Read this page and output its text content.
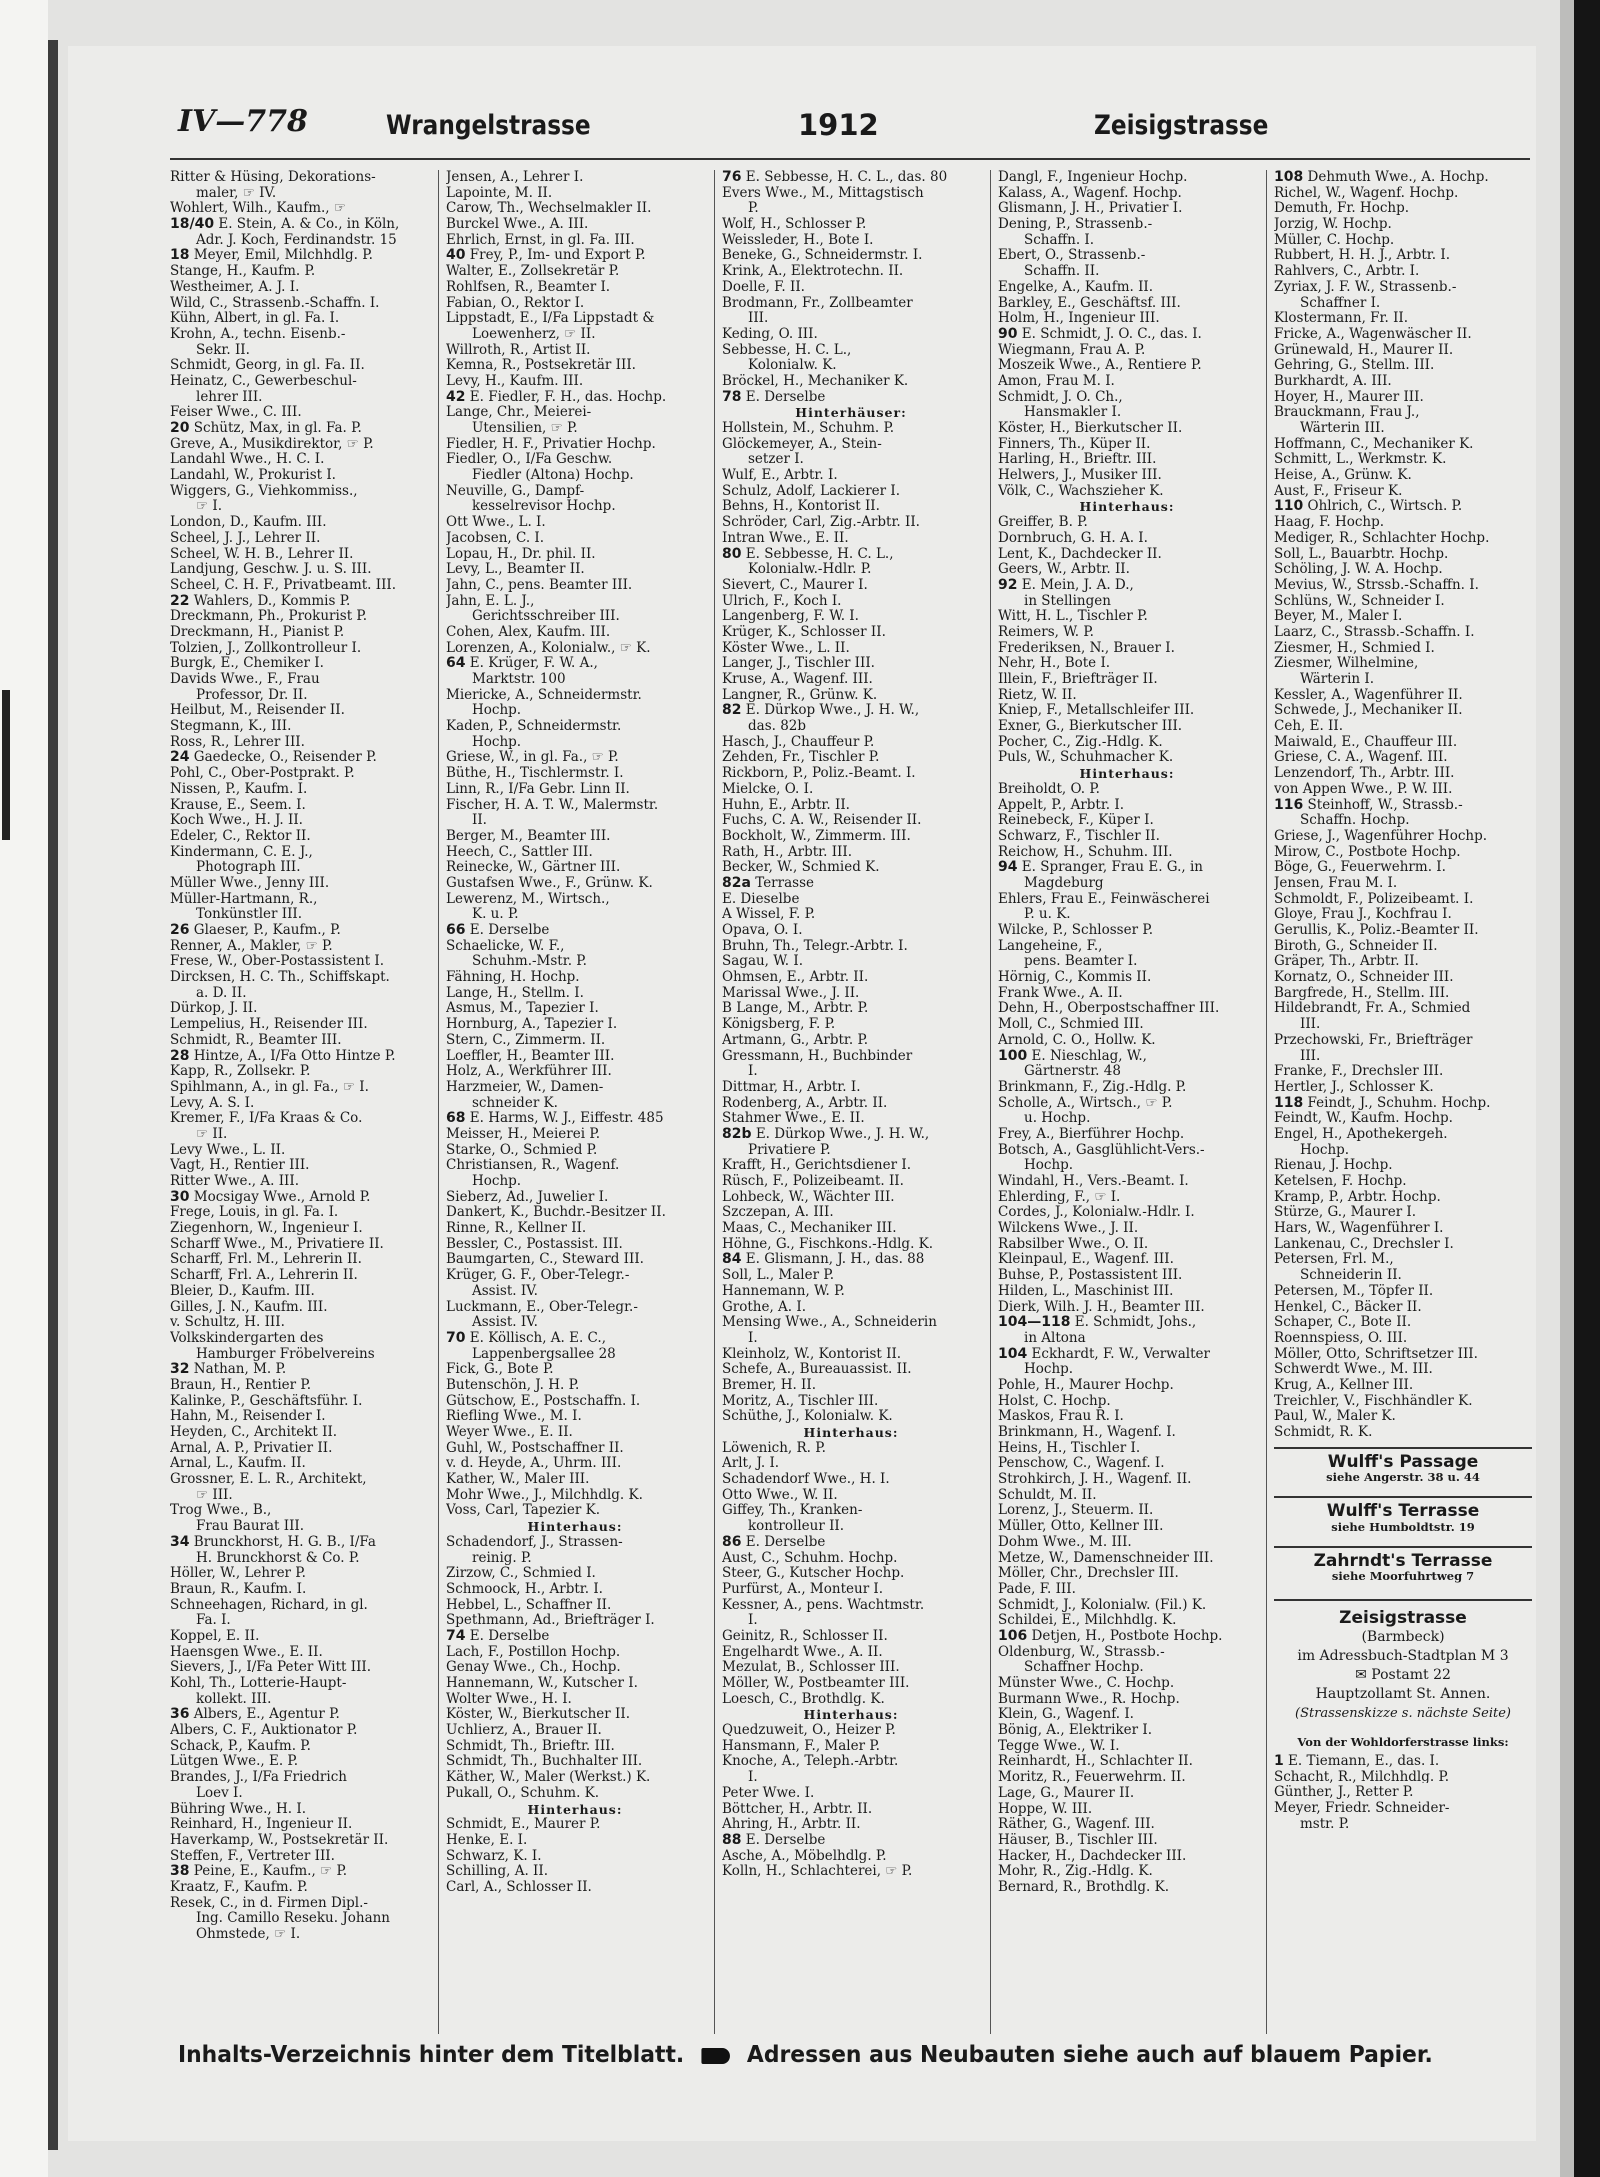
IV—778	Wrangelstrasse	1912	Zeisigstrasse
Ritter & Hüsing, Dekorations-
maler, ☞ IV.
Wohlert, Wilh., Kaufm., ☞
18/40 E. Stein, A. & Co., in Köln,
Adr. J. Koch, Ferdinandstr. 15
18 Meyer, Emil, Milchhdlg. P.
Stange, H., Kaufm. P.
Westheimer, A. J. I.
Wild, C., Strassenb.-Schaffn. I.
Kühn, Albert, in gl. Fa. I.
Krohn, A., techn. Eisenb.-
Sekr. II.
Schmidt, Georg, in gl. Fa. II.
Heinatz, C., Gewerbeschul-
lehrer III.
Feiser Wwe., C. III.
20 Schütz, Max, in gl. Fa. P.
Greve, A., Musikdirektor, ☞ P.
Landahl Wwe., H. C. I.
Landahl, W., Prokurist I.
Wiggers, G., Viehkommiss.,
☞ I.
London, D., Kaufm. III.
Scheel, J. J., Lehrer II.
Scheel, W. H. B., Lehrer II.
Landjung, Geschw. J. u. S. III.
Scheel, C. H. F., Privatbeamt. III.
22 Wahlers, D., Kommis P.
Dreckmann, Ph., Prokurist P.
Dreckmann, H., Pianist P.
Tolzien, J., Zollkontrolleur I.
Burgk, E., Chemiker I.
Davids Wwe., F., Frau
Professor, Dr. II.
Heilbut, M., Reisender II.
Stegmann, K., III.
Ross, R., Lehrer III.
24 Gaedecke, O., Reisender P.
Pohl, C., Ober-Postprakt. P.
Nissen, P., Kaufm. I.
Krause, E., Seem. I.
Koch Wwe., H. J. II.
Edeler, C., Rektor II.
Kindermann, C. E. J.,
Photograph III.
Müller Wwe., Jenny III.
Müller-Hartmann, R.,
Tonkünstler III.
26 Glaeser, P., Kaufm., P.
Renner, A., Makler, ☞ P.
Frese, W., Ober-Postassistent I.
Dircksen, H. C. Th., Schiffskapt.
a. D. II.
Dürkop, J. II.
Lempelius, H., Reisender III.
Schmidt, R., Beamter III.
28 Hintze, A., I/Fa Otto Hintze P.
Kapp, R., Zollsekr. P.
Spihlmann, A., in gl. Fa., ☞ I.
Levy, A. S. I.
Kremer, F., I/Fa Kraas & Co.
☞ II.
Levy Wwe., L. II.
Vagt, H., Rentier III.
Ritter Wwe., A. III.
30 Mocsigay Wwe., Arnold P.
Frege, Louis, in gl. Fa. I.
Ziegenhorn, W., Ingenieur I.
Scharff Wwe., M., Privatiere II.
Scharff, Frl. M., Lehrerin II.
Scharff, Frl. A., Lehrerin II.
Bleier, D., Kaufm. III.
Gilles, J. N., Kaufm. III.
v. Schultz, H. III.
Volkskindergarten des
Hamburger Fröbelvereins
32 Nathan, M. P.
Braun, H., Rentier P.
Kalinke, P., Geschäftsführ. I.
Hahn, M., Reisender I.
Heyden, C., Architekt II.
Arnal, A. P., Privatier II.
Arnal, L., Kaufm. II.
Grossner, E. L. R., Architekt,
☞ III.
Trog Wwe., B.,
Frau Baurat III.
34 Brunckhorst, H. G. B., I/Fa
H. Brunckhorst & Co. P.
Höller, W., Lehrer P.
Braun, R., Kaufm. I.
Schneehagen, Richard, in gl.
Fa. I.
Koppel, E. II.
Haensgen Wwe., E. II.
Sievers, J., I/Fa Peter Witt III.
Kohl, Th., Lotterie-Haupt-
kollekt. III.
36 Albers, E., Agentur P.
Albers, C. F., Auktionator P.
Schack, P., Kaufm. P.
Lütgen Wwe., E. P.
Brandes, J., I/Fa Friedrich
Loev I.
Bühring Wwe., H. I.
Reinhard, H., Ingenieur II.
Haverkamp, W., Postsekretär II.
Steffen, F., Vertreter III.
38 Peine, E., Kaufm., ☞ P.
Kraatz, F., Kaufm. P.
Resek, C., in d. Firmen Dipl.-
Ing. Camillo Reseku. Johann
Ohmstede, ☞ I.
Jensen, A., Lehrer I.
Lapointe, M. II.
Carow, Th., Wechselmakler II.
Burckel Wwe., A. III.
Ehrlich, Ernst, in gl. Fa. III.
40 Frey, P., Im- und Export P.
Walter, E., Zollsekretär P.
Rohlfsen, R., Beamter I.
Fabian, O., Rektor I.
Lippstadt, E., I/Fa Lippstadt &
Loewenherz, ☞ II.
Willroth, R., Artist II.
Kemna, R., Postsekretär III.
Levy, H., Kaufm. III.
42 E. Fiedler, F. H., das. Hochp.
Lange, Chr., Meierei-
Utensilien, ☞ P.
Fiedler, H. F., Privatier Hochp.
Fiedler, O., I/Fa Geschw.
Fiedler (Altona) Hochp.
Neuville, G., Dampf-
kesselrevisor Hochp.
Ott Wwe., L. I.
Jacobsen, C. I.
Lopau, H., Dr. phil. II.
Levy, L., Beamter II.
Jahn, C., pens. Beamter III.
Jahn, E. L. J.,
Gerichtsschreiber III.
Cohen, Alex, Kaufm. III.
Lorenzen, A., Kolonialw., ☞ K.
64 E. Krüger, F. W. A.,
Marktstr. 100
Miericke, A., Schneidermstr.
Hochp.
Kaden, P., Schneidermstr.
Hochp.
Griese, W., in gl. Fa., ☞ P.
Büthe, H., Tischlermstr. I.
Linn, R., I/Fa Gebr. Linn II.
Fischer, H. A. T. W., Malermstr.
II.
Berger, M., Beamter III.
Heech, C., Sattler III.
Reinecke, W., Gärtner III.
Gustafsen Wwe., F., Grünw. K.
Lewerenz, M., Wirtsch.,
K. u. P.
66 E. Derselbe
Schaelicke, W. F.,
Schuhm.-Mstr. P.
Fähning, H. Hochp.
Lange, H., Stellm. I.
Asmus, M., Tapezier I.
Hornburg, A., Tapezier I.
Stern, C., Zimmerm. II.
Loeffler, H., Beamter III.
Holz, A., Werkführer III.
Harzmeier, W., Damen-
schneider K.
68 E. Harms, W. J., Eiffestr. 485
Meisser, H., Meierei P.
Starke, O., Schmied P.
Christiansen, R., Wagenf.
Hochp.
Sieberz, Ad., Juwelier I.
Dankert, K., Buchdr.-Besitzer II.
Rinne, R., Kellner II.
Bessler, C., Postassist. III.
Baumgarten, C., Steward III.
Krüger, G. F., Ober-Telegr.-
Assist. IV.
Luckmann, E., Ober-Telegr.-
Assist. IV.
70 E. Köllisch, A. E. C.,
Lappenbergsallee 28
Fick, G., Bote P.
Butenschön, J. H. P.
Gütschow, E., Postschaffn. I.
Riefling Wwe., M. I.
Weyer Wwe., E. II.
Guhl, W., Postschaffner II.
v. d. Heyde, A., Uhrm. III.
Kather, W., Maler III.
Mohr Wwe., J., Milchhdlg. K.
Voss, Carl, Tapezier K.
Hinterhaus:
Schadendorf, J., Strassen-
reinig. P.
Zirzow, C., Schmied I.
Schmoock, H., Arbtr. I.
Hebbel, L., Schaffner II.
Spethmann, Ad., Briefträger I.
74 E. Derselbe
Lach, F., Postillon Hochp.
Genay Wwe., Ch., Hochp.
Hannemann, W., Kutscher I.
Wolter Wwe., H. I.
Köster, W., Bierkutscher II.
Uchlierz, A., Brauer II.
Schmidt, Th., Brieftr. III.
Schmidt, Th., Buchhalter III.
Käther, W., Maler (Werkst.) K.
Pukall, O., Schuhm. K.
Hinterhaus:
Schmidt, E., Maurer P.
Henke, E. I.
Schwarz, K. I.
Schilling, A. II.
Carl, A., Schlosser II.
76 E. Sebbesse, H. C. L., das. 80
Evers Wwe., M., Mittagstisch
P.
Wolf, H., Schlosser P.
Weissleder, H., Bote I.
Beneke, G., Schneidermstr. I.
Krink, A., Elektrotechn. II.
Doelle, F. II.
Brodmann, Fr., Zollbeamter
III.
Keding, O. III.
Sebbesse, H. C. L.,
Kolonialw. K.
Bröckel, H., Mechaniker K.
78 E. Derselbe
Hinterhäuser:
Hollstein, M., Schuhm. P.
Glöckemeyer, A., Stein-
setzer I.
Wulf, E., Arbtr. I.
Schulz, Adolf, Lackierer I.
Behns, H., Kontorist II.
Schröder, Carl, Zig.-Arbtr. II.
Intran Wwe., E. II.
80 E. Sebbesse, H. C. L.,
Kolonialw.-Hdlr. P.
Sievert, C., Maurer I.
Ulrich, F., Koch I.
Langenberg, F. W. I.
Krüger, K., Schlosser II.
Köster Wwe., L. II.
Langer, J., Tischler III.
Kruse, A., Wagenf. III.
Langner, R., Grünw. K.
82 E. Dürkop Wwe., J. H. W.,
das. 82b
Hasch, J., Chauffeur P.
Zehden, Fr., Tischler P.
Rickborn, P., Poliz.-Beamt. I.
Mielcke, O. I.
Huhn, E., Arbtr. II.
Fuchs, C. A. W., Reisender II.
Bockholt, W., Zimmerm. III.
Rath, H., Arbtr. III.
Becker, W., Schmied K.
82a Terrasse
E. Dieselbe
A Wissel, F. P.
Opava, O. I.
Bruhn, Th., Telegr.-Arbtr. I.
Sagau, W. I.
Ohmsen, E., Arbtr. II.
Marissal Wwe., J. II.
B Lange, M., Arbtr. P.
Königsberg, F. P.
Artmann, G., Arbtr. P.
Gressmann, H., Buchbinder
I.
Dittmar, H., Arbtr. I.
Rodenberg, A., Arbtr. II.
Stahmer Wwe., E. II.
82b E. Dürkop Wwe., J. H. W.,
Privatiere P.
Krafft, H., Gerichtsdiener I.
Rüsch, F., Polizeibeamt. II.
Lohbeck, W., Wächter III.
Szczepan, A. III.
Maas, C., Mechaniker III.
Höhne, G., Fischkons.-Hdlg. K.
84 E. Glismann, J. H., das. 88
Soll, L., Maler P.
Hannemann, W. P.
Grothe, A. I.
Mensing Wwe., A., Schneiderin
I.
Kleinholz, W., Kontorist II.
Schefe, A., Bureauassist. II.
Bremer, H. II.
Moritz, A., Tischler III.
Schüthe, J., Kolonialw. K.
Hinterhaus:
Löwenich, R. P.
Arlt, J. I.
Schadendorf Wwe., H. I.
Otto Wwe., W. II.
Giffey, Th., Kranken-
kontrolleur II.
86 E. Derselbe
Aust, C., Schuhm. Hochp.
Steer, G., Kutscher Hochp.
Purfürst, A., Monteur I.
Kessner, A., pens. Wachtmstr.
I.
Geinitz, R., Schlosser II.
Engelhardt Wwe., A. II.
Mezulat, B., Schlosser III.
Möller, W., Postbeamter III.
Loesch, C., Brothdlg. K.
Hinterhaus:
Quedzuweit, O., Heizer P.
Hansmann, F., Maler P.
Knoche, A., Teleph.-Arbtr.
I.
Peter Wwe. I.
Böttcher, H., Arbtr. II.
Ahring, H., Arbtr. II.
88 E. Derselbe
Asche, A., Möbelhdlg. P.
Kolln, H., Schlachterei, ☞ P.
Dangl, F., Ingenieur Hochp.
Kalass, A., Wagenf. Hochp.
Glismann, J. H., Privatier I.
Dening, P., Strassenb.-
Schaffn. I.
Ebert, O., Strassenb.-
Schaffn. II.
Engelke, A., Kaufm. II.
Barkley, E., Geschäftsf. III.
Holm, H., Ingenieur III.
90 E. Schmidt, J. O. C., das. I.
Wiegmann, Frau A. P.
Moszeik Wwe., A., Rentiere P.
Amon, Frau M. I.
Schmidt, J. O. Ch.,
Hansmakler I.
Köster, H., Bierkutscher II.
Finners, Th., Küper II.
Harling, H., Brieftr. III.
Helwers, J., Musiker III.
Völk, C., Wachszieher K.
Hinterhaus:
Greiffer, B. P.
Dornbruch, G. H. A. I.
Lent, K., Dachdecker II.
Geers, W., Arbtr. II.
92 E. Mein, J. A. D.,
in Stellingen
Witt, H. L., Tischler P.
Reimers, W. P.
Frederiksen, N., Brauer I.
Nehr, H., Bote I.
Illein, F., Briefträger II.
Rietz, W. II.
Kniep, F., Metallschleifer III.
Exner, G., Bierkutscher III.
Pocher, C., Zig.-Hdlg. K.
Puls, W., Schuhmacher K.
Hinterhaus:
Breiholdt, O. P.
Appelt, P., Arbtr. I.
Reinebeck, F., Küper I.
Schwarz, F., Tischler II.
Reichow, H., Schuhm. III.
94 E. Spranger, Frau E. G., in
Magdeburg
Ehlers, Frau E., Feinwäscherei
P. u. K.
Wilcke, P., Schlosser P.
Langeheine, F.,
pens. Beamter I.
Hörnig, C., Kommis II.
Frank Wwe., A. II.
Dehn, H., Oberpostschaffner III.
Moll, C., Schmied III.
Arnold, C. O., Hollw. K.
100 E. Nieschlag, W.,
Gärtnerstr. 48
Brinkmann, F., Zig.-Hdlg. P.
Scholle, A., Wirtsch., ☞ P.
u. Hochp.
Frey, A., Bierführer Hochp.
Botsch, A., Gasglühlicht-Vers.-
Hochp.
Windahl, H., Vers.-Beamt. I.
Ehlerding, F., ☞ I.
Cordes, J., Kolonialw.-Hdlr. I.
Wilckens Wwe., J. II.
Rabsilber Wwe., O. II.
Kleinpaul, E., Wagenf. III.
Buhse, P., Postassistent III.
Hilden, L., Maschinist III.
Dierk, Wilh. J. H., Beamter III.
104—118 E. Schmidt, Johs.,
in Altona
104 Eckhardt, F. W., Verwalter
Hochp.
Pohle, H., Maurer Hochp.
Holst, C. Hochp.
Maskos, Frau R. I.
Brinkmann, H., Wagenf. I.
Heins, H., Tischler I.
Penschow, C., Wagenf. I.
Strohkirch, J. H., Wagenf. II.
Schuldt, M. II.
Lorenz, J., Steuerm. II.
Müller, Otto, Kellner III.
Dohm Wwe., M. III.
Metze, W., Damenschneider III.
Möller, Chr., Drechsler III.
Pade, F. III.
Schmidt, J., Kolonialw. (Fil.) K.
Schildei, E., Milchhdlg. K.
106 Detjen, H., Postbote Hochp.
Oldenburg, W., Strassb.-
Schaffner Hochp.
Münster Wwe., C. Hochp.
Burmann Wwe., R. Hochp.
Klein, G., Wagenf. I.
Bönig, A., Elektriker I.
Tegge Wwe., W. I.
Reinhardt, H., Schlachter II.
Moritz, R., Feuerwehrm. II.
Lage, G., Maurer II.
Hoppe, W. III.
Räther, G., Wagenf. III.
Häuser, B., Tischler III.
Hacker, H., Dachdecker III.
Mohr, R., Zig.-Hdlg. K.
Bernard, R., Brothdlg. K.
108 Dehmuth Wwe., A. Hochp.
Richel, W., Wagenf. Hochp.
Demuth, Fr. Hochp.
Jorzig, W. Hochp.
Müller, C. Hochp.
Rubbert, H. H. J., Arbtr. I.
Rahlvers, C., Arbtr. I.
Zyriax, J. F. W., Strassenb.-
Schaffner I.
Klostermann, Fr. II.
Fricke, A., Wagenwäscher II.
Grünewald, H., Maurer II.
Gehring, G., Stellm. III.
Burkhardt, A. III.
Hoyer, H., Maurer III.
Brauckmann, Frau J.,
Wärterin III.
Hoffmann, C., Mechaniker K.
Schmitt, L., Werkmstr. K.
Heise, A., Grünw. K.
Aust, F., Friseur K.
110 Ohlrich, C., Wirtsch. P.
Haag, F. Hochp.
Mediger, R., Schlachter Hochp.
Soll, L., Bauarbtr. Hochp.
Schöling, J. W. A. Hochp.
Mevius, W., Strssb.-Schaffn. I.
Schlüns, W., Schneider I.
Beyer, M., Maler I.
Laarz, C., Strassb.-Schaffn. I.
Ziesmer, H., Schmied I.
Ziesmer, Wilhelmine,
Wärterin I.
Kessler, A., Wagenführer II.
Schwede, J., Mechaniker II.
Ceh, E. II.
Maiwald, E., Chauffeur III.
Griese, C. A., Wagenf. III.
Lenzendorf, Th., Arbtr. III.
von Appen Wwe., P. W. III.
116 Steinhoff, W., Strassb.-
Schaffn. Hochp.
Griese, J., Wagenführer Hochp.
Mirow, C., Postbote Hochp.
Böge, G., Feuerwehrm. I.
Jensen, Frau M. I.
Schmoldt, F., Polizeibeamt. I.
Gloye, Frau J., Kochfrau I.
Gerullis, K., Poliz.-Beamter II.
Biroth, G., Schneider II.
Gräper, Th., Arbtr. II.
Kornatz, O., Schneider III.
Bargfrede, H., Stellm. III.
Hildebrandt, Fr. A., Schmied
III.
Przechowski, Fr., Briefträger
III.
Franke, F., Drechsler III.
Hertler, J., Schlosser K.
118 Feindt, J., Schuhm. Hochp.
Feindt, W., Kaufm. Hochp.
Engel, H., Apothekergeh.
Hochp.
Rienau, J. Hochp.
Ketelsen, F. Hochp.
Kramp, P., Arbtr. Hochp.
Stürze, G., Maurer I.
Hars, W., Wagenführer I.
Lankenau, C., Drechsler I.
Petersen, Frl. M.,
Schneiderin II.
Petersen, M., Töpfer II.
Henkel, C., Bäcker II.
Schaper, C., Bote II.
Roennspiess, O. III.
Möller, Otto, Schriftsetzer III.
Schwerdt Wwe., M. III.
Krug, A., Kellner III.
Treichler, V., Fischhändler K.
Paul, W., Maler K.
Schmidt, R. K.
Wulff's Passage
siehe Angerstr. 38 u. 44
Wulff's Terrasse
siehe Humboldtstr. 19
Zahrndt's Terrasse
siehe Moorfuhrtweg 7
Zeisigstrasse
(Barmbeck)
im Adressbuch-Stadtplan M 3
✉ Postamt 22
Hauptzollamt St. Annen.
(Strassenskizze s. nächste Seite)
Von der Wohldorferstrasse links:
1 E. Tiemann, E., das. I.
Schacht, R., Milchhdlg. P.
Günther, J., Retter P.
Meyer, Friedr. Schneider-
mstr. P.
Inhalts-Verzeichnis hinter dem Titelblatt.	Adressen aus Neubauten siehe auch auf blauem Papier.
